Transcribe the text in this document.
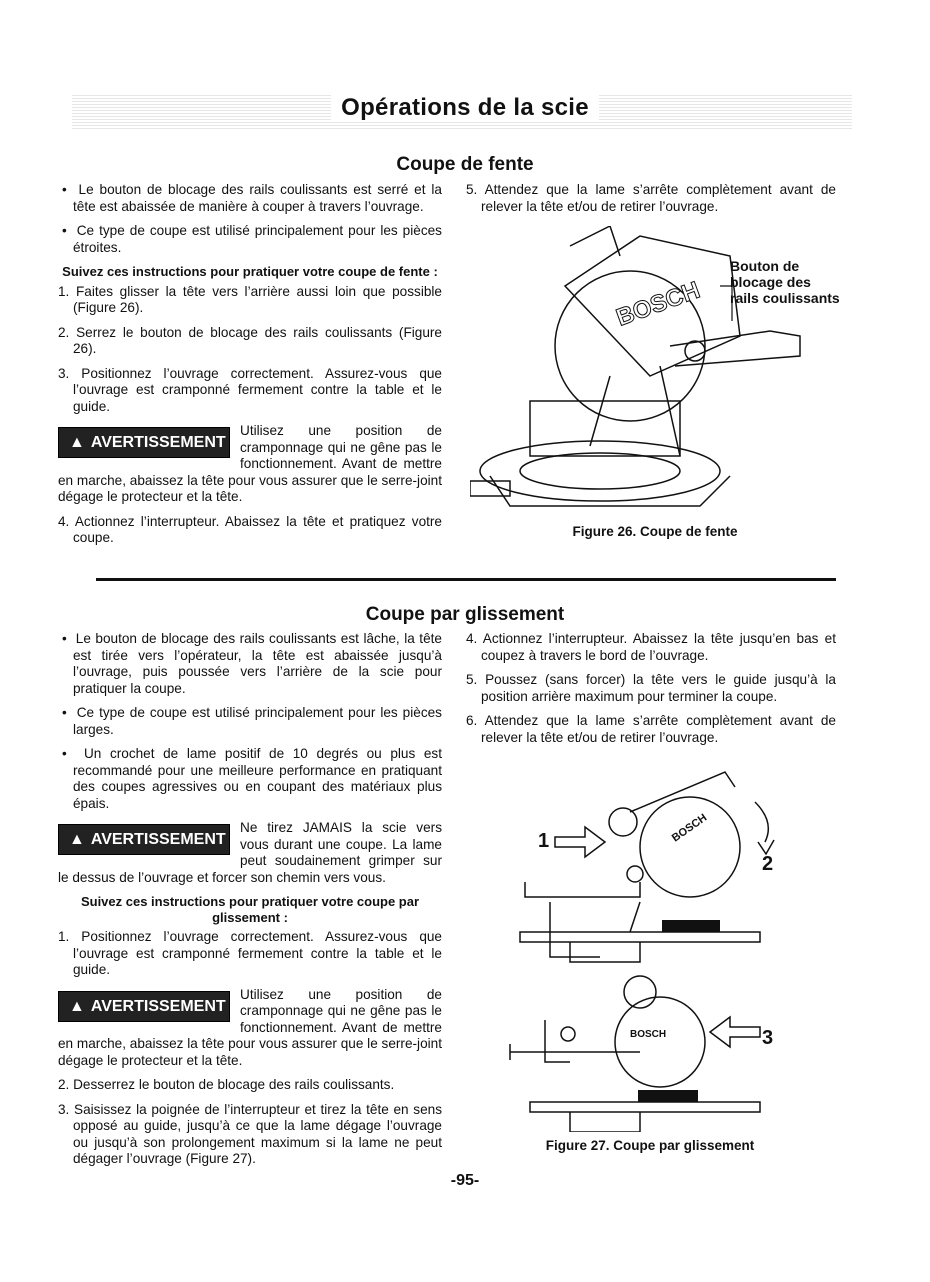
Opérations de la scie
Coupe de fente

•  Le bouton de blocage des rails coulissants est serré et la tête est abaissée de manière à couper à travers l’ouvrage.

•  Ce type de coupe est utilisé principalement pour les pièces étroites.

Suivez ces instructions pour pratiquer votre coupe de fente :

1. Faites glisser la tête vers l’arrière aussi loin que possible (Figure 26).

2. Serrez le bouton de blocage des rails coulissants (Figure 26).

3. Positionnez l’ouvrage correctement. Assurez-vous que l’ouvrage est cramponné fermement contre la table et le guide.

▲ AVERTISSEMENT
Utilisez une position de cramponnage qui ne gêne pas le fonctionnement. Avant de mettre en marche, abaissez la tête pour vous assurer que le serre-joint dégage le protecteur et la tête.

4. Actionnez l’interrupteur. Abaissez la tête et pratiquez votre coupe.

5. Attendez que la lame s’arrête complètement avant de relever la tête et/ou de retirer l’ouvrage.

BOSCH
Bouton de blocage des rails coulissants
Figure 26. Coupe de fente
Coupe par glissement

•  Le bouton de blocage des rails coulissants est lâche, la tête est tirée vers l’opérateur, la tête est abaissée jusqu’à l’ouvrage, puis poussée vers l’arrière de la scie pour pratiquer la coupe.

•  Ce type de coupe est utilisé principalement pour les pièces larges.

•  Un crochet de lame positif de 10 degrés ou plus est recommandé pour une meilleure performance en pratiquant des coupes agressives ou en coupant des matériaux plus épais.

▲ AVERTISSEMENT
Ne tirez JAMAIS la scie vers vous durant une coupe. La lame peut soudainement grimper sur le dessus de l’ouvrage et forcer son chemin vers vous.

Suivez ces instructions pour pratiquer votre coupe par glissement :

1. Positionnez l’ouvrage correctement. Assurez-vous que l’ouvrage est cramponné fermement contre la table et le guide.

▲ AVERTISSEMENT
Utilisez une position de cramponnage qui ne gêne pas le fonctionnement. Avant de mettre en marche, abaissez la tête pour vous assurer que le serre-joint dégage le protecteur et la tête.

2. Desserrez le bouton de blocage des rails coulissants.

3. Saisissez la poignée de l’interrupteur et tirez la tête en sens opposé au guide, jusqu’à ce que la lame dégage l’ouvrage ou jusqu’à son prolongement maximum si la lame ne peut dégager l’ouvrage (Figure 27).

4. Actionnez l’interrupteur. Abaissez la tête jusqu’en bas et coupez à travers le bord de l’ouvrage.

5. Poussez (sans forcer) la tête vers le guide jusqu’à la position arrière maximum pour terminer la coupe.

6. Attendez que la lame s’arrête complètement avant de relever la tête et/ou de retirer l’ouvrage.

BOSCH
BOSCH
1
2
3
Figure 27. Coupe par glissement
-95-
